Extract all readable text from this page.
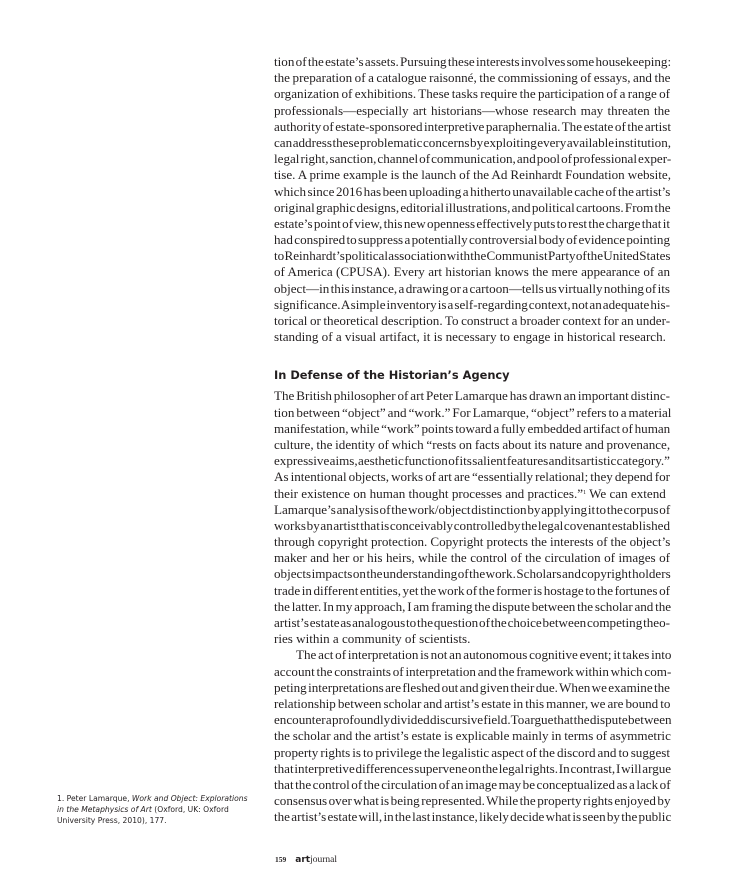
tion of the estate’s assets. Pursuing these interests involves some housekeeping:
the preparation of a catalogue raisonné, the commissioning of essays, and the
organization of exhibitions. These tasks require the participation of a range of
professionals—especially art historians—whose research may threaten the
authority of estate-sponsored interpretive paraphernalia. The estate of the artist
can address these problematic concerns by exploiting every available institution,
legal right, sanction, channel of communication, and pool of professional exper-
tise. A prime example is the launch of the Ad Reinhardt Foundation website,
which since 2016 has been uploading a hitherto unavailable cache of the artist’s
original graphic designs, editorial illustrations, and political cartoons. From the
estate’s point of view, this new openness effectively puts to rest the charge that it
had conspired to suppress a potentially controversial body of evidence pointing
to Reinhardt’s political association with the Communist Party of the United States
of America (CPUSA). Every art historian knows the mere appearance of an
object—in this instance, a drawing or a cartoon—tells us virtually nothing of its
significance. A simple inventory is a self-regarding context, not an adequate his-
torical or theoretical description. To construct a broader context for an under-
standing of a visual artifact, it is necessary to engage in historical research.
In Defense of the Historian’s Agency
The British philosopher of art Peter Lamarque has drawn an important distinc-
tion between “object” and “work.” For Lamarque, “object” refers to a material
manifestation, while “work” points toward a fully embedded artifact of human
culture, the identity of which “rests on facts about its nature and provenance,
expressive aims, aesthetic function of its salient features and its artistic category.”
As intentional objects, works of art are “essentially relational; they depend for
their existence on human thought processes and practices.”$^1$ We can extend
Lamarque’s analysis of the work/object distinction by applying it to the corpus of
works by an artist that is conceivably controlled by the legal covenant established
through copyright protection. Copyright protects the interests of the object’s
maker and her or his heirs, while the control of the circulation of images of
objects impacts on the understanding of the work. Scholars and copyright holders
trade in different entities, yet the work of the former is hostage to the fortunes of
the latter. In my approach, I am framing the dispute between the scholar and the
artist’s estate as analogous to the question of the choice between competing theo-
ries within a community of scientists.
The act of interpretation is not an autonomous cognitive event; it takes into
account the constraints of interpretation and the framework within which com-
peting interpretations are fleshed out and given their due. When we examine the
relationship between scholar and artist’s estate in this manner, we are bound to
encounter a profoundly divided discursive field. To argue that the dispute between
the scholar and the artist’s estate is explicable mainly in terms of asymmetric
property rights is to privilege the legalistic aspect of the discord and to suggest
that interpretive differences supervene on the legal rights. In contrast, I will argue
that the control of the circulation of an image may be conceptualized as a lack of
consensus over what is being represented. While the property rights enjoyed by
the artist’s estate will, in the last instance, likely decide what is seen by the public
1. Peter Lamarque, Work and Object: Explorations
in the Metaphysics of Art (Oxford, UK: Oxford
University Press, 2010), 177.
159 artjournal
